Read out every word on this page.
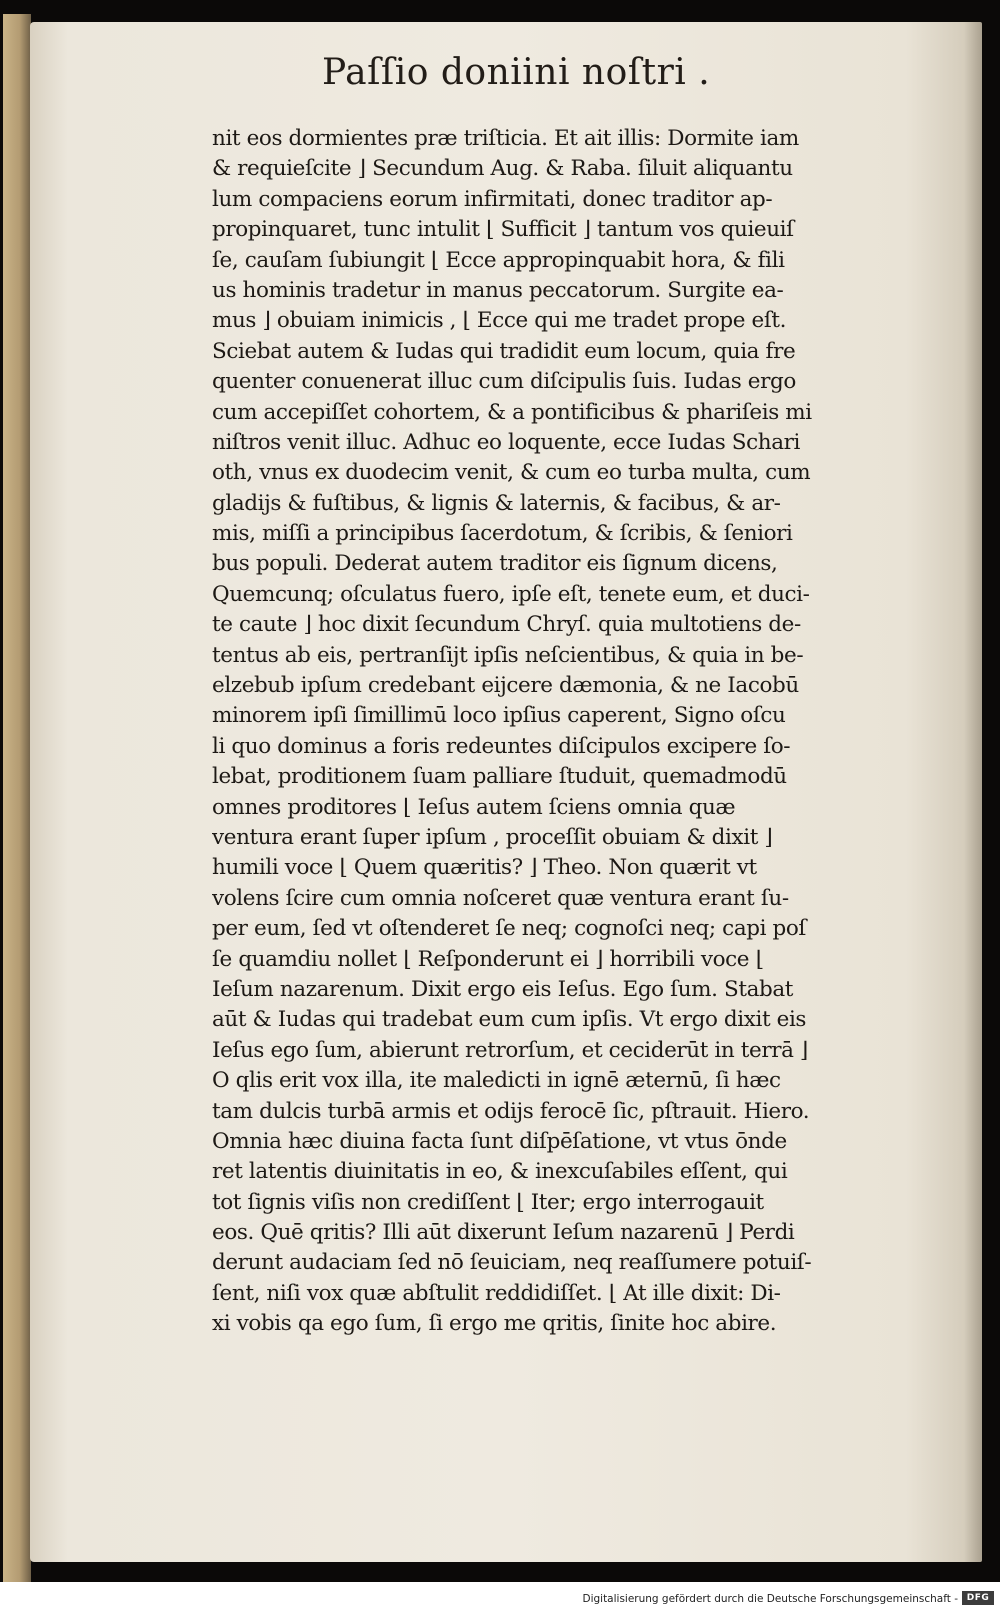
Paſſio doniini noſtri .
nit eos dormientes præ triſticia. Et ait illis: Dormite iam
& requieſcite ⌋ Secundum Aug. & Raba. ſiluit aliquantu
lum compaciens eorum infirmitati, donec traditor ap-
propinquaret, tunc intulit ⌊ Sufficit ⌋ tantum vos quieuiſ
ſe, cauſam ſubiungit ⌊ Ecce appropinquabit hora, & fili
us hominis tradetur in manus peccatorum. Surgite ea-
mus ⌋ obuiam inimicis , ⌊ Ecce qui me tradet prope eſt.
Sciebat autem & Iudas qui tradidit eum locum, quia fre
quenter conuenerat illuc cum diſcipulis ſuis. Iudas ergo
cum accepiſſet cohortem, & a pontificibus & phariſeis mi
niſtros venit illuc. Adhuc eo loquente, ecce Iudas Schari
oth, vnus ex duodecim venit, & cum eo turba multa, cum
gladijs & fuſtibus, & lignis & laternis, & facibus, & ar-
mis, miſſi a principibus ſacerdotum, & ſcribis, & ſeniori
bus populi. Dederat autem traditor eis ſignum dicens,
Quemcunq; oſculatus fuero, ipſe eſt, tenete eum, et duci-
te caute ⌋ hoc dixit ſecundum Chryſ. quia multotiens de-
tentus ab eis, pertranſijt ipſis neſcientibus, & quia in be-
elzebub ipſum credebant eijcere dæmonia, & ne Iacobū
minorem ipſi ſimillimū loco ipſius caperent, Signo oſcu
li quo dominus a foris redeuntes diſcipulos excipere ſo-
lebat, proditionem ſuam palliare ſtuduit, quemadmodū
omnes proditores ⌊ Ieſus autem ſciens omnia quæ
ventura erant ſuper ipſum , proceſſit obuiam & dixit ⌋
humili voce ⌊ Quem quæritis? ⌋ Theo. Non quærit vt
volens ſcire cum omnia noſceret quæ ventura erant ſu-
per eum, ſed vt oſtenderet ſe neq; cognoſci neq; capi poſ
ſe quamdiu nollet ⌊ Reſponderunt ei ⌋ horribili voce ⌊
Ieſum nazarenum. Dixit ergo eis Ieſus. Ego ſum. Stabat
aūt & Iudas qui tradebat eum cum ipſis. Vt ergo dixit eis
Ieſus ego ſum, abierunt retrorſum, et ceciderūt in terrā ⌋
O qlis erit vox illa, ite maledicti in ignē æternū, ſi hæc
tam dulcis turbā armis et odijs ferocē ſic, pſtrauit. Hiero.
Omnia hæc diuina facta ſunt diſpēſatione, vt vtus ōnde
ret latentis diuinitatis in eo, & inexcuſabiles eſſent, qui
tot ſignis viſis non crediſſent ⌊ Iter; ergo interrogauit
eos. Quē qritis? Illi aūt dixerunt Ieſum nazarenū ⌋ Perdi
derunt audaciam ſed nō ſeuiciam, neq reaſſumere potuiſ-
ſent, niſi vox quæ abſtulit reddidiſſet. ⌊ At ille dixit: Di-
xi vobis qa ego ſum, ſi ergo me qritis, ſinite hoc abire.
Digitalisierung gefördert durch die Deutsche Forschungsgemeinschaft - DFG
